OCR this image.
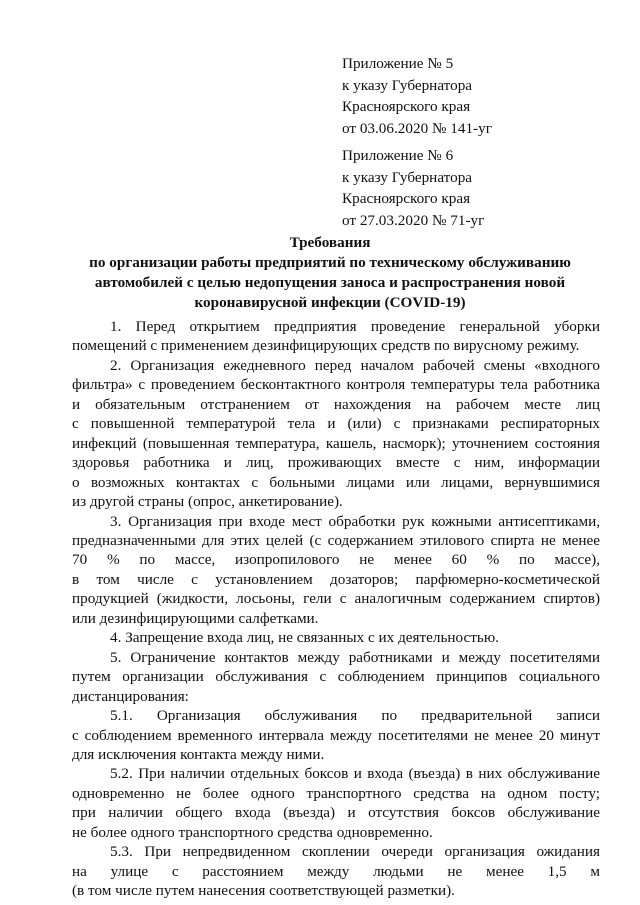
Приложение № 5
к указу Губернатора
Красноярского края
от 03.06.2020 № 141-уг
Приложение № 6
к указу Губернатора
Красноярского края
от 27.03.2020 № 71-уг
Требования
по организации работы предприятий по техническому обслуживанию
автомобилей с целью недопущения заноса и распространения новой
коронавирусной инфекции (COVID-19)
1. Перед открытием предприятия проведение генеральной уборки
помещений с применением дезинфицирующих средств по вирусному режиму.
2. Организация ежедневного перед началом рабочей смены «входного
фильтра» с проведением бесконтактного контроля температуры тела работника
и обязательным отстранением от нахождения на рабочем месте лиц
с повышенной температурой тела и (или) с признаками респираторных
инфекций (повышенная температура, кашель, насморк); уточнением состояния
здоровья работника и лиц, проживающих вместе с ним, информации
о возможных контактах с больными лицами или лицами, вернувшимися
из другой страны (опрос, анкетирование).
3. Организация при входе мест обработки рук кожными антисептиками,
предназначенными для этих целей (с содержанием этилового спирта не менее
70 % по массе, изопропилового не менее 60 % по массе),
в том числе с установлением дозаторов; парфюмерно-косметической
продукцией (жидкости, лосьоны, гели с аналогичным содержанием спиртов)
или дезинфицирующими салфетками.
4. Запрещение входа лиц, не связанных с их деятельностью.
5. Ограничение контактов между работниками и между посетителями
путем организации обслуживания с соблюдением принципов социального
дистанцирования:
5.1. Организация обслуживания по предварительной записи
с соблюдением временного интервала между посетителями не менее 20 минут
для исключения контакта между ними.
5.2. При наличии отдельных боксов и входа (въезда) в них обслуживание
одновременно не более одного транспортного средства на одном посту;
при наличии общего входа (въезда) и отсутствия боксов обслуживание
не более одного транспортного средства одновременно.
5.3. При непредвиденном скоплении очереди организация ожидания
на улице с расстоянием между людьми не менее 1,5 м
(в том числе путем нанесения соответствующей разметки).
